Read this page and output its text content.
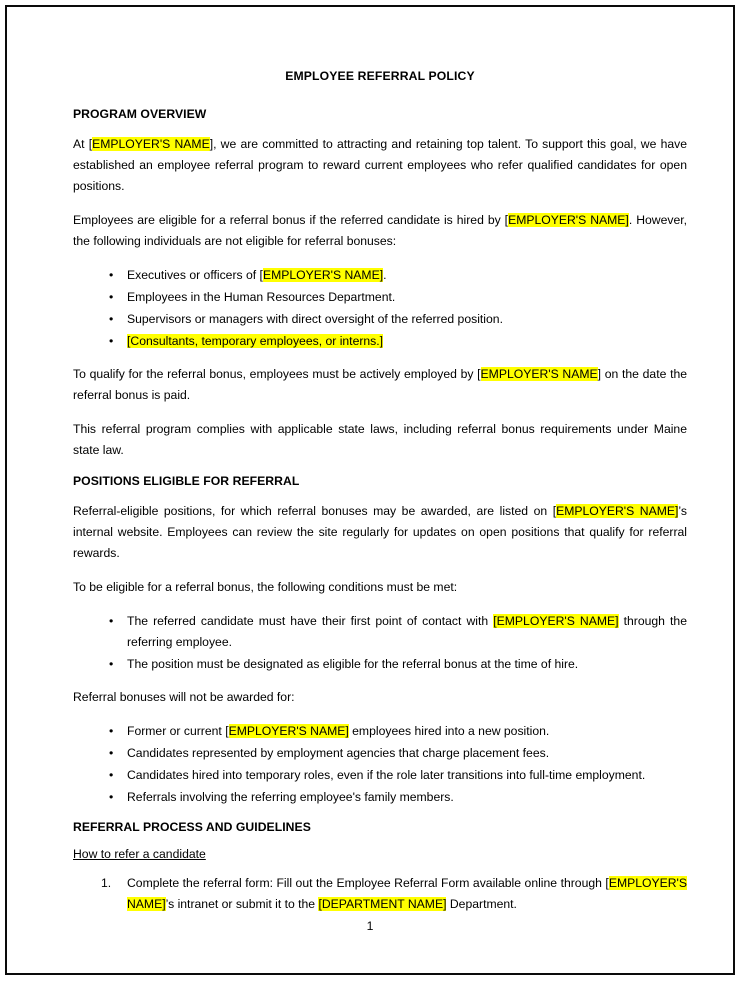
EMPLOYEE REFERRAL POLICY
PROGRAM OVERVIEW

At [EMPLOYER'S NAME], we are committed to attracting and retaining top talent. To support this goal, we have established an employee referral program to reward current employees who refer qualified candidates for open positions.

Employees are eligible for a referral bonus if the referred candidate is hired by [EMPLOYER'S NAME]. However, the following individuals are not eligible for referral bonuses:

• Executives or officers of [EMPLOYER'S NAME].
• Employees in the Human Resources Department.
• Supervisors or managers with direct oversight of the referred position.
• [Consultants, temporary employees, or interns.]

To qualify for the referral bonus, employees must be actively employed by [EMPLOYER'S NAME] on the date the referral bonus is paid.

This referral program complies with applicable state laws, including referral bonus requirements under Maine state law.

POSITIONS ELIGIBLE FOR REFERRAL

Referral-eligible positions, for which referral bonuses may be awarded, are listed on [EMPLOYER'S NAME]’s internal website. Employees can review the site regularly for updates on open positions that qualify for referral rewards.

To be eligible for a referral bonus, the following conditions must be met:

• The referred candidate must have their first point of contact with [EMPLOYER'S NAME] through the referring employee.
• The position must be designated as eligible for the referral bonus at the time of hire.

Referral bonuses will not be awarded for:

• Former or current [EMPLOYER'S NAME] employees hired into a new position.
• Candidates represented by employment agencies that charge placement fees.
• Candidates hired into temporary roles, even if the role later transitions into full-time employment.
• Referrals involving the referring employee's family members.
REFERRAL PROCESS AND GUIDELINES
How to refer a candidate
Complete the referral form: Fill out the Employee Referral Form available online through [EMPLOYER'S NAME]’s intranet or submit it to the [DEPARTMENT NAME] Department.
1
